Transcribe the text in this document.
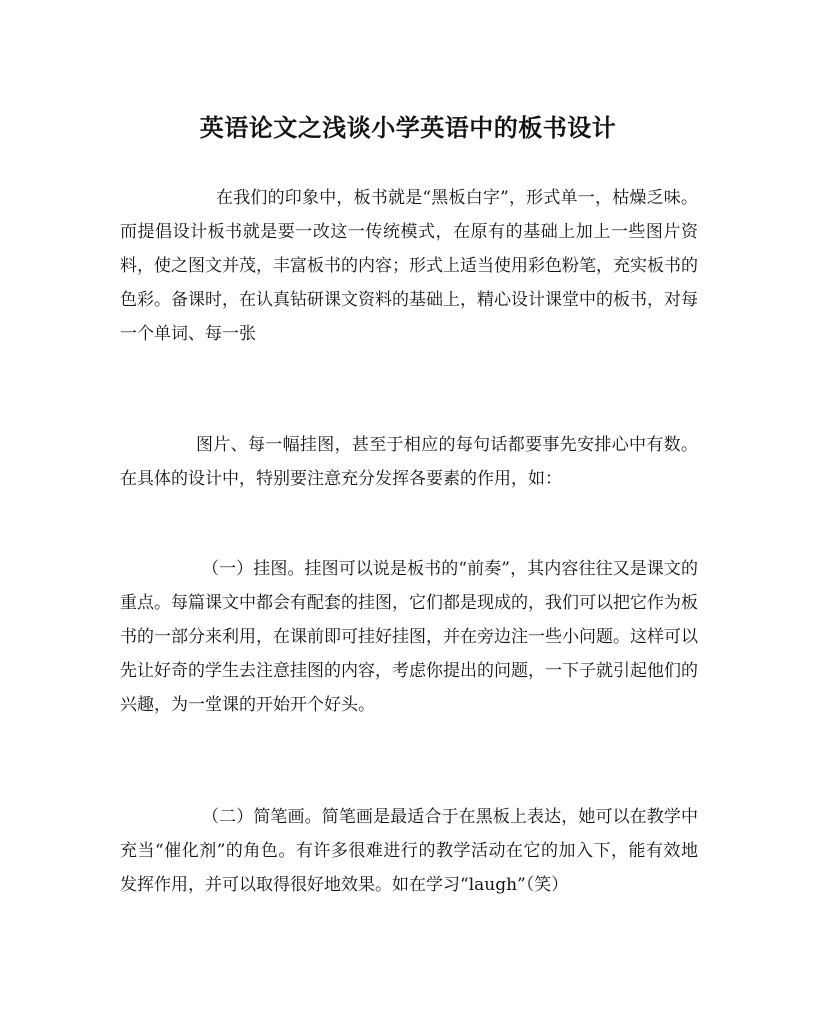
英语论文之浅谈小学英语中的板书设计

在我们的印象中，板书就是“黑板白字”，形式单一，枯燥乏味。而提倡设计板书就是要一改这一传统模式，在原有的基础上加上一些图片资料，使之图文并茂，丰富板书的内容；形式上适当使用彩色粉笔，充实板书的色彩。备课时，在认真钻研课文资料的基础上，精心设计课堂中的板书，对每一个单词、每一张

图片、每一幅挂图，甚至于相应的每句话都要事先安排心中有数。在具体的设计中，特别要注意充分发挥各要素的作用，如：

（一）挂图。挂图可以说是板书的“前奏”，其内容往往又是课文的重点。每篇课文中都会有配套的挂图，它们都是现成的，我们可以把它作为板书的一部分来利用，在课前即可挂好挂图，并在旁边注一些小问题。这样可以先让好奇的学生去注意挂图的内容，考虑你提出的问题，一下子就引起他们的兴趣，为一堂课的开始开个好头。

（二）简笔画。简笔画是最适合于在黑板上表达，她可以在教学中充当“催化剂”的角色。有许多很难进行的教学活动在它的加入下，能有效地发挥作用，并可以取得很好地效果。如在学习“laugh”（笑）
